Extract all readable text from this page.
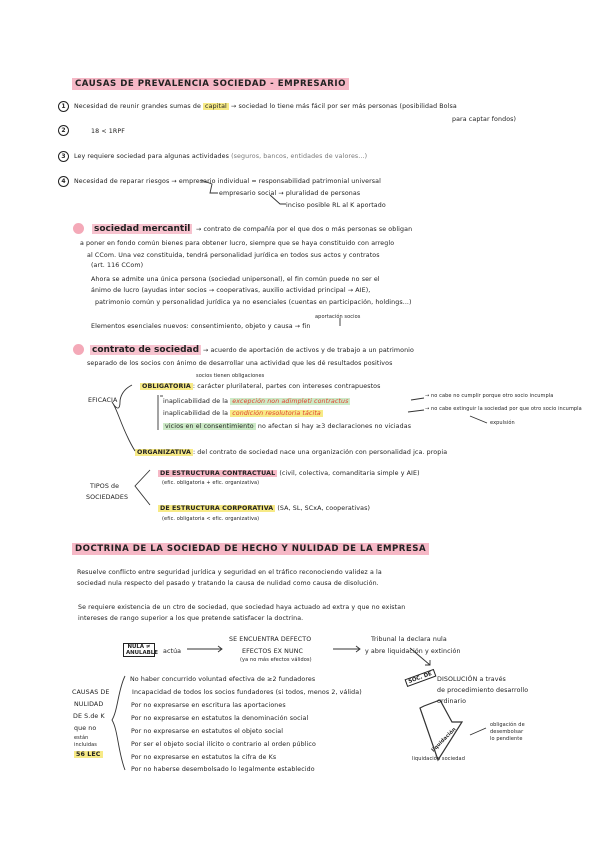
CAUSAS DE PREVALENCIA SOCIEDAD - EMPRESARIO
1	Necesidad de reunir grandes sumas de capital → sociedad lo tiene más fácil por ser más personas (posibilidad Bolsa
para captar fondos)
2	18 < 1RPF
3	Ley requiere sociedad para algunas actividades (seguros, bancos, entidades de valores...)
4	Necesidad de reparar riesgos → empresario individual = responsabilidad patrimonial universal
empresario social → pluralidad de personas
inciso posible RL al K aportado
sociedad mercantil → contrato de compañía por el que dos o más personas se obligan
a poner en fondo común bienes para obtener lucro, siempre que se haya constituido con arreglo
al CCom. Una vez constituida, tendrá personalidad jurídica en todos sus actos y contratos
(art. 116 CCom)
Ahora se admite una única persona (sociedad unipersonal), el fin común puede no ser el
ánimo de lucro (ayudas inter socios → cooperativas, auxilio actividad principal → AIE),
patrimonio común y personalidad jurídica ya no esenciales (cuentas en participación, holdings...)
aportación socios
Elementos esenciales nuevos: consentimiento, objeto y causa → fin
contrato de sociedad → acuerdo de aportación de activos y de trabajo a un patrimonio
separado de los socios con ánimo de desarrollar una actividad que les dé resultados positivos
socios tienen obligaciones
EFICACIA
OBLIGATORIA : carácter plurilateral, partes con intereses contrapuestos
inaplicabilidad de la excepción non adimpleti contractus
→ no cabe no cumplir porque otro socio incumpla
inaplicabilidad de la condición resolutoria tácita
→ no cabe extinguir la sociedad por que otro socio incumpla
vicios en el consentimiento no afectan si hay ≥3 declaraciones no viciadas	expulsión
ORGANIZATIVA : del contrato de sociedad nace una organización con personalidad jca. propia
TIPOS de
SOCIEDADES
DE ESTRUCTURA CONTRACTUAL (civil, colectiva, comanditaria simple y AIE)
(efic. obligatoria + efic. organizativa)
DE ESTRUCTURA CORPORATIVA (SA, SL, SCxA, cooperativas)
(efic. obligatoria < efic. organizativa)
DOCTRINA DE LA SOCIEDAD DE HECHO Y NULIDAD DE LA EMPRESA
Resuelve conflicto entre seguridad jurídica y seguridad en el tráfico reconociendo validez a la
sociedad nula respecto del pasado y tratando la causa de nulidad como causa de disolución.
Se requiere existencia de un ctro de sociedad, que sociedad haya actuado ad extra y que no existan
intereses de rango superior a los que pretende satisfacer la doctrina.
NULA ≠ ANULABLE actúa
SE ENCUENTRA DEFECTO
EFECTOS EX NUNC
(ya no más efectos válidos)
Tribunal la declara nula
y abre liquidación y extinción
SOC. DE DISOLUCIÓN a través
de procedimiento desarrollo
ordinario
liquidación
liquidación sociedad
obligación de
desembolsar
lo pendiente
CAUSAS DE
NULIDAD
DE S.de K
que no
están
incluidas
56 LEC
No haber concurrido voluntad efectiva de ≥2 fundadores
Incapacidad de todos los socios fundadores (si todos, menos 2, válida)
Por no expresarse en escritura las aportaciones
Por no expresarse en estatutos la denominación social
Por no expresarse en estatutos el objeto social
Por ser el objeto social ilícito o contrario al orden público
Por no expresarse en estatutos la cifra de Ks
Por no haberse desembolsado lo legalmente establecido
